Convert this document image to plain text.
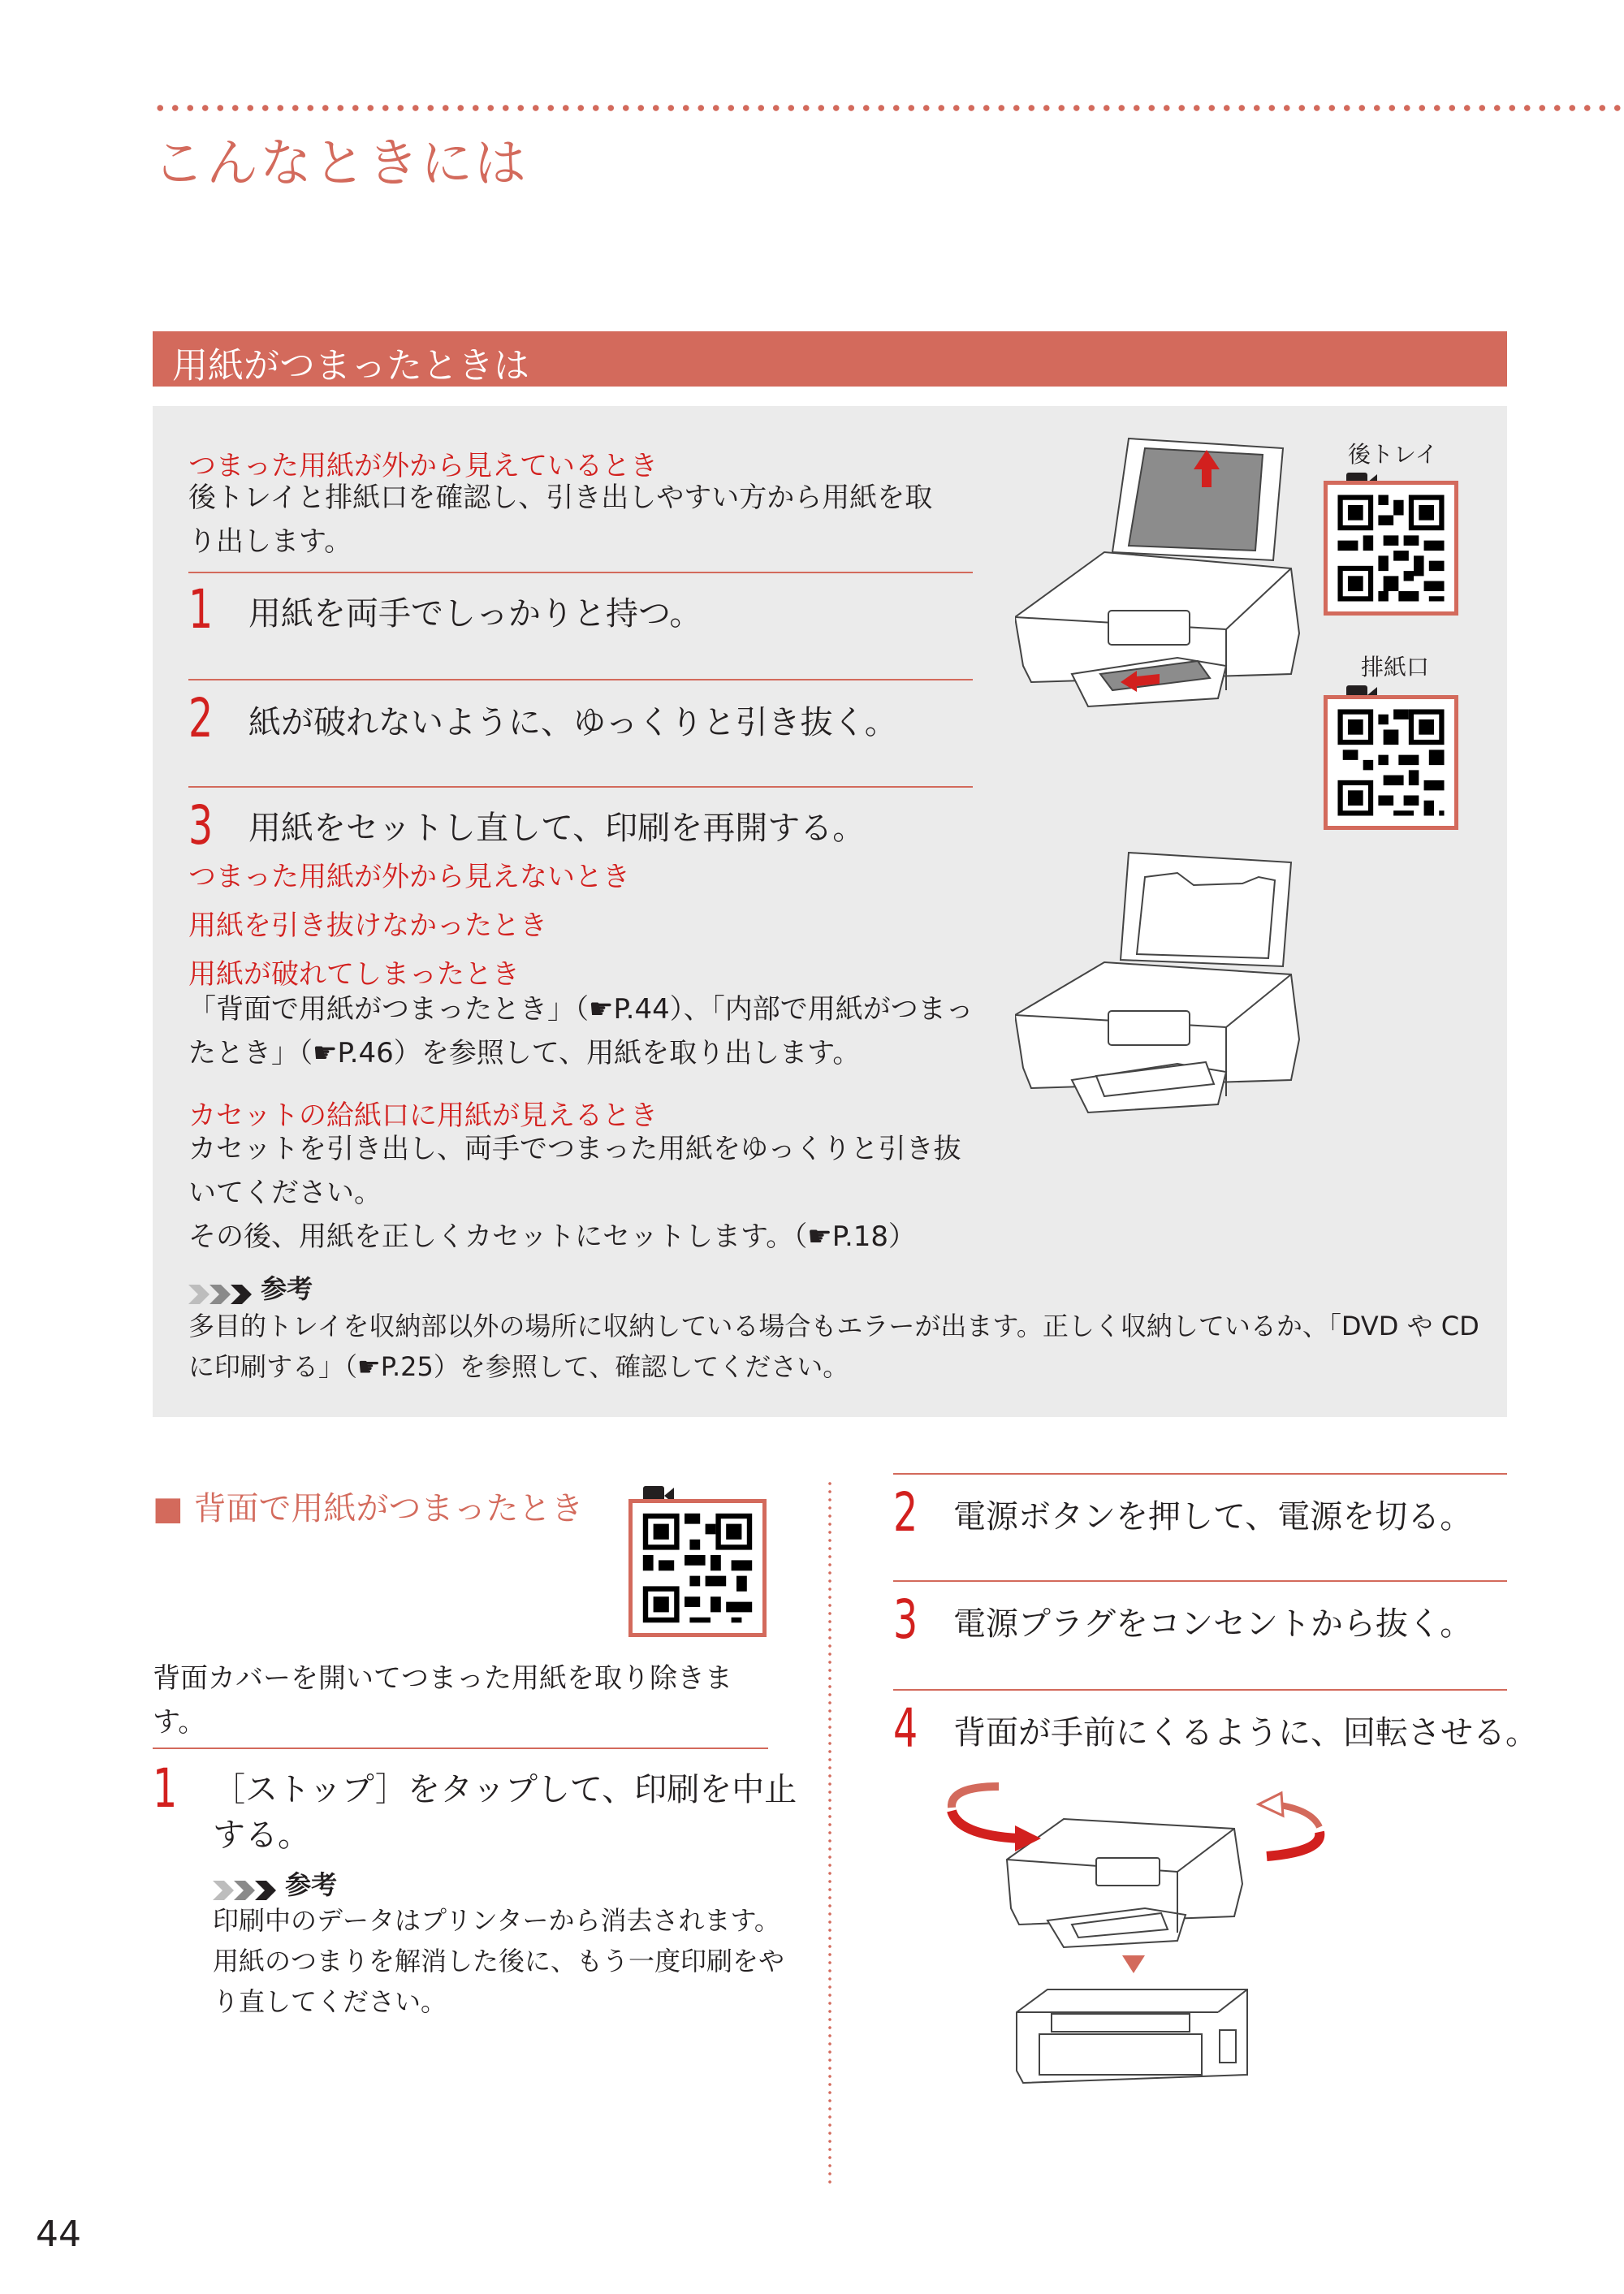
こんなときには
用紙がつまったときは
つまった用紙が外から見えているとき
後トレイと排紙口を確認し、引き出しやすい方から用紙を取
り出します。
1 用紙を両手でしっかりと持つ。
2 紙が破れないように、ゆっくりと引き抜く。
3 用紙をセットし直して、印刷を再開する。
つまった用紙が外から見えないとき
用紙を引き抜けなかったとき
用紙が破れてしまったとき
「背面で用紙がつまったとき」（☛P.44）、「内部で用紙がつまっ
たとき」（☛P.46）を参照して、用紙を取り出します。
カセットの給紙口に用紙が見えるとき
カセットを引き出し、両手でつまった用紙をゆっくりと引き抜
いてください。
その後、用紙を正しくカセットにセットします。（☛P.18）
参考
多目的トレイを収納部以外の場所に収納している場合もエラーが出ます。正しく収納しているか、「DVD や CD
に印刷する」（☛P.25）を参照して、確認してください。
後トレイ
排紙口
■ 背面で用紙がつまったとき
背面カバーを開いてつまった用紙を取り除きま
す。
1 ［ストップ］をタップして、印刷を中止
する。
参考
印刷中のデータはプリンターから消去されます。
用紙のつまりを解消した後に、もう一度印刷をや
り直してください。
2 電源ボタンを押して、電源を切る。
3 電源プラグをコンセントから抜く。
4 背面が手前にくるように、回転させる。
44
